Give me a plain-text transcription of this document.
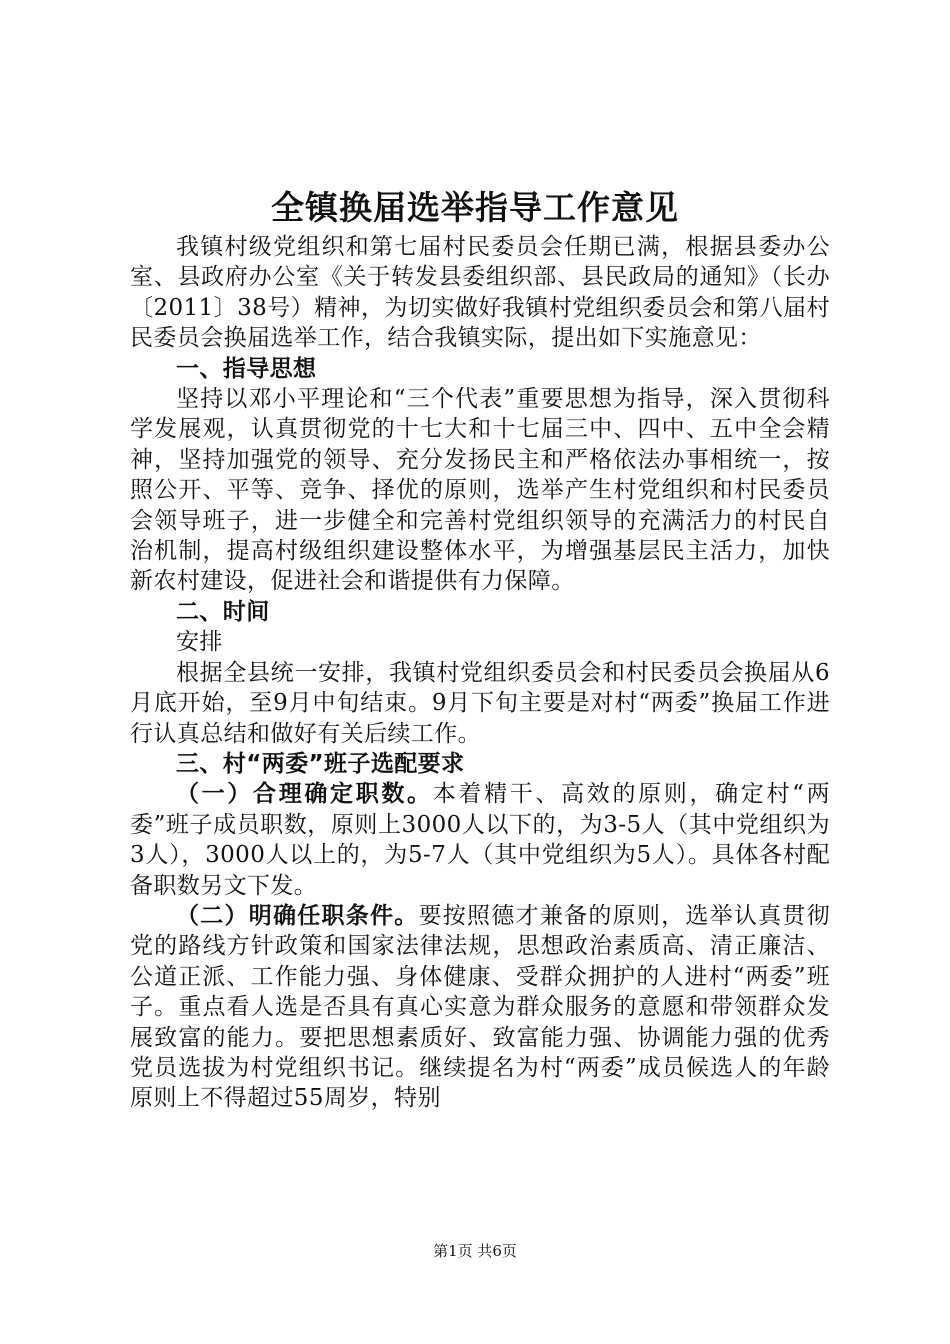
全镇换届选举指导工作意见

我镇村级党组织和第七届村民委员会任期已满，根据县委办公室、县政府办公室《关于转发县委组织部、县民政局的通知》（长办〔2011〕38号）精神，为切实做好我镇村党组织委员会和第八届村民委员会换届选举工作，结合我镇实际，提出如下实施意见：

一、指导思想

坚持以邓小平理论和“三个代表”重要思想为指导，深入贯彻科学发展观，认真贯彻党的十七大和十七届三中、四中、五中全会精神，坚持加强党的领导、充分发扬民主和严格依法办事相统一，按照公开、平等、竞争、择优的原则，选举产生村党组织和村民委员会领导班子，进一步健全和完善村党组织领导的充满活力的村民自治机制，提高村级组织建设整体水平，为增强基层民主活力，加快新农村建设，促进社会和谐提供有力保障。

二、时间

安排

根据全县统一安排，我镇村党组织委员会和村民委员会换届从6月底开始，至9月中旬结束。9月下旬主要是对村“两委”换届工作进行认真总结和做好有关后续工作。

三、村“两委”班子选配要求

（一）合理确定职数。本着精干、高效的原则，确定村“两委”班子成员职数，原则上3000人以下的，为3-5人（其中党组织为3人），3000人以上的，为5-7人（其中党组织为5人）。具体各村配备职数另文下发。

（二）明确任职条件。要按照德才兼备的原则，选举认真贯彻党的路线方针政策和国家法律法规，思想政治素质高、清正廉洁、公道正派、工作能力强、身体健康、受群众拥护的人进村“两委”班子。重点看人选是否具有真心实意为群众服务的意愿和带领群众发展致富的能力。要把思想素质好、致富能力强、协调能力强的优秀党员选拔为村党组织书记。继续提名为村“两委”成员候选人的年龄原则上不得超过55周岁，特别

第1页 共6页
